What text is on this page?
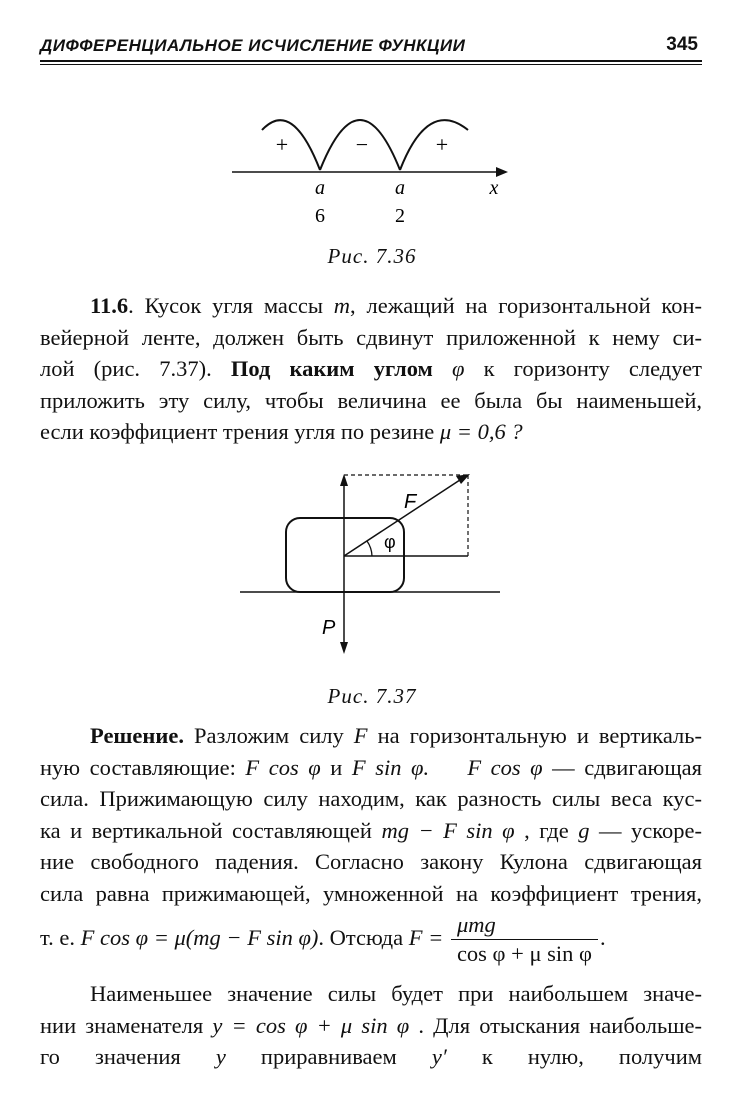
ДИФФЕРЕНЦИАЛЬНОЕ ИСЧИСЛЕНИЕ ФУНКЦИИ	345
+	−	+
a	a	x
6	2
Рис. 7.36
11.6. Кусок угля массы m, лежащий на горизонтальной кон-
вейерной ленте, должен быть сдвинут приложенной к нему си-
лой (рис. 7.37). Под каким углом φ к горизонту следует
приложить эту силу, чтобы величина ее была бы наименьшей,
если коэффициент трения угля по резине μ = 0,6 ?
φ
F
P
Рис. 7.37
Решение. Разложим силу F на горизонтальную и вертикаль-
ную составляющие: F cos φ и F sin φ. F cos φ — сдвигающая
сила. Прижимающую силу находим, как разность силы веса кус-
ка и вертикальной составляющей mg − F sin φ , где g — ускоре-
ние свободного падения. Согласно закону Кулона сдвигающая
сила равна прижимающей, умноженной на коэффициент трения,
т. е. F cos φ = μ(mg − F sin φ). Отсюда $F = \frac{\text{μmg}}{\text{cos φ + μ sin φ}}$ .
Наименьшее значение силы будет при наибольшем значе-
нии знаменателя y = cos φ + μ sin φ . Для отыскания наибольше-
го значения y приравниваем y′ к нулю, получим
